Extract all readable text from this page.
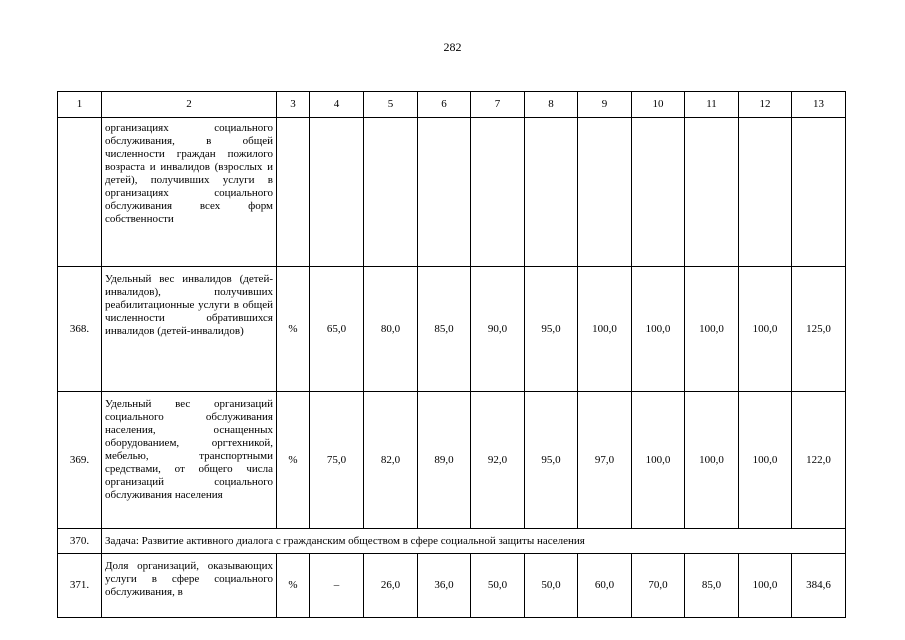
282
1	2	3	4	5	6	7	8	9	10	11	12	13
	организациях социального обслуживания, в общей численности граждан пожилого возраста и инвалидов (взрослых и детей), получивших услуги в организациях социального обслуживания всех форм собственности											
368.	Удельный вес инвалидов (детей-инвалидов), получивших реабилитационные услуги в общей численности обратившихся инвалидов (детей-инвалидов)	%	65,0	80,0	85,0	90,0	95,0	100,0	100,0	100,0	100,0	125,0
369.	Удельный вес организаций социального обслуживания населения, оснащенных оборудованием, оргтехникой, мебелью, транспортными средствами, от общего числа организаций социального обслуживания населения	%	75,0	82,0	89,0	92,0	95,0	97,0	100,0	100,0	100,0	122,0
370.	Задача: Развитие активного диалога с гражданским обществом в сфере социальной защиты населения											
371.	Доля организаций, оказывающих услуги в сфере социального обслуживания, в	%	–	26,0	36,0	50,0	50,0	60,0	70,0	85,0	100,0	384,6
